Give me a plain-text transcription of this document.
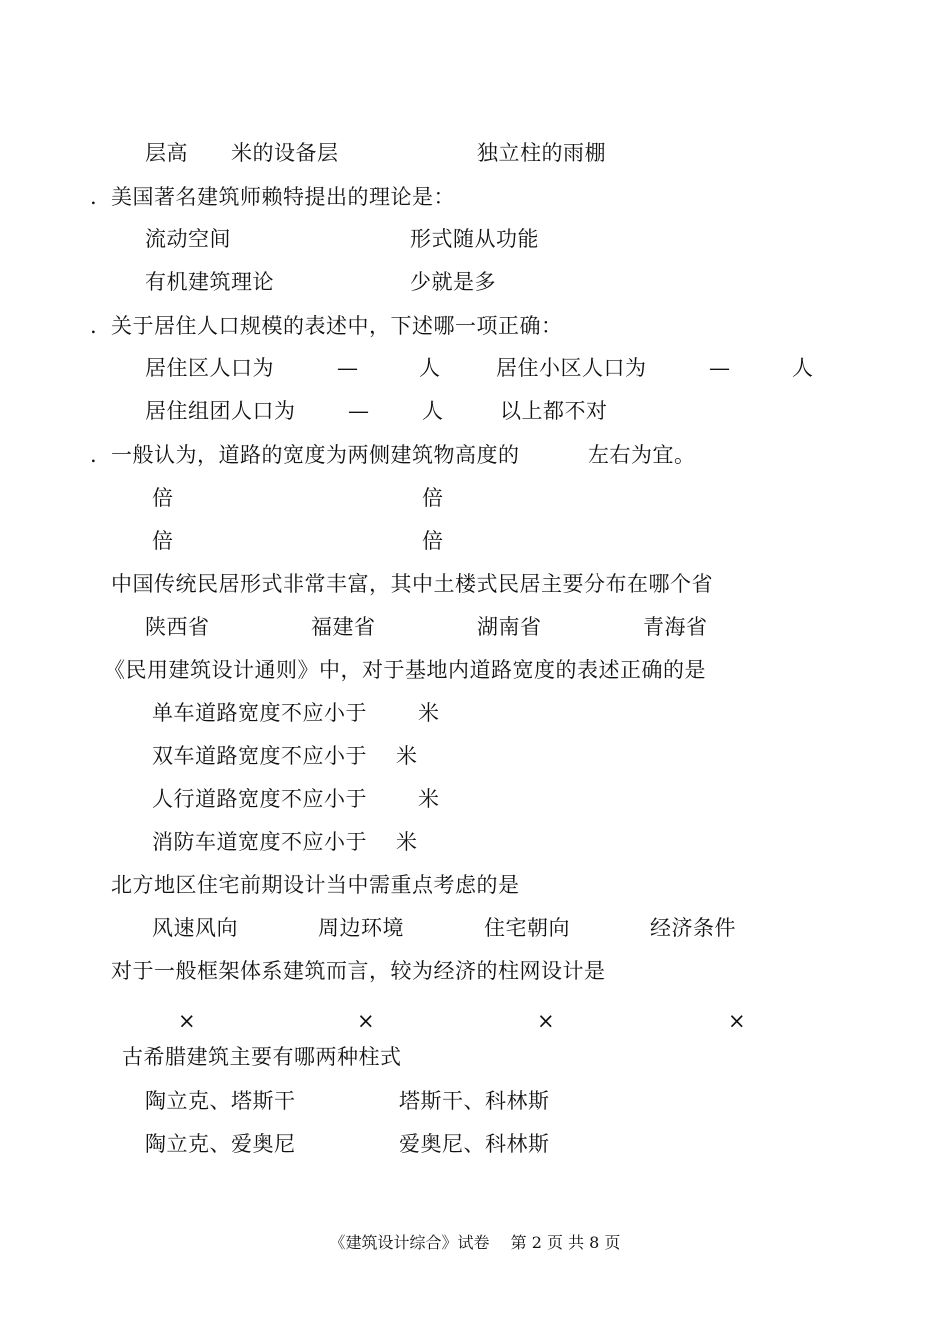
层高　　米的设备层	独立柱的雨棚
. 美国著名建筑师赖特提出的理论是：
流动空间	形式随从功能
有机建筑理论	少就是多
. 关于居住人口规模的表述中，下述哪一项正确：
居住区人口为	—	人	居住小区人口为	—	人
居住组团人口为	—	人	以上都不对
. 一般认为，道路的宽度为两侧建筑物高度的	左右为宜。
倍	倍
倍	倍
中国传统民居形式非常丰富，其中土楼式民居主要分布在哪个省
陕西省	福建省	湖南省	青海省
《民用建筑设计通则》中，对于基地内道路宽度的表述正确的是
单车道路宽度不应小于 米
双车道路宽度不应小于 米
人行道路宽度不应小于 米
消防车道宽度不应小于 米
北方地区住宅前期设计当中需重点考虑的是
风速风向	周边环境	住宅朝向	经济条件
对于一般框架体系建筑而言，较为经济的柱网设计是
×	×	×	×
古希腊建筑主要有哪两种柱式
陶立克、塔斯干	塔斯干、科林斯
陶立克、爱奥尼	爱奥尼、科林斯
《建筑设计综合》试卷　 第 2 页 共 8 页
